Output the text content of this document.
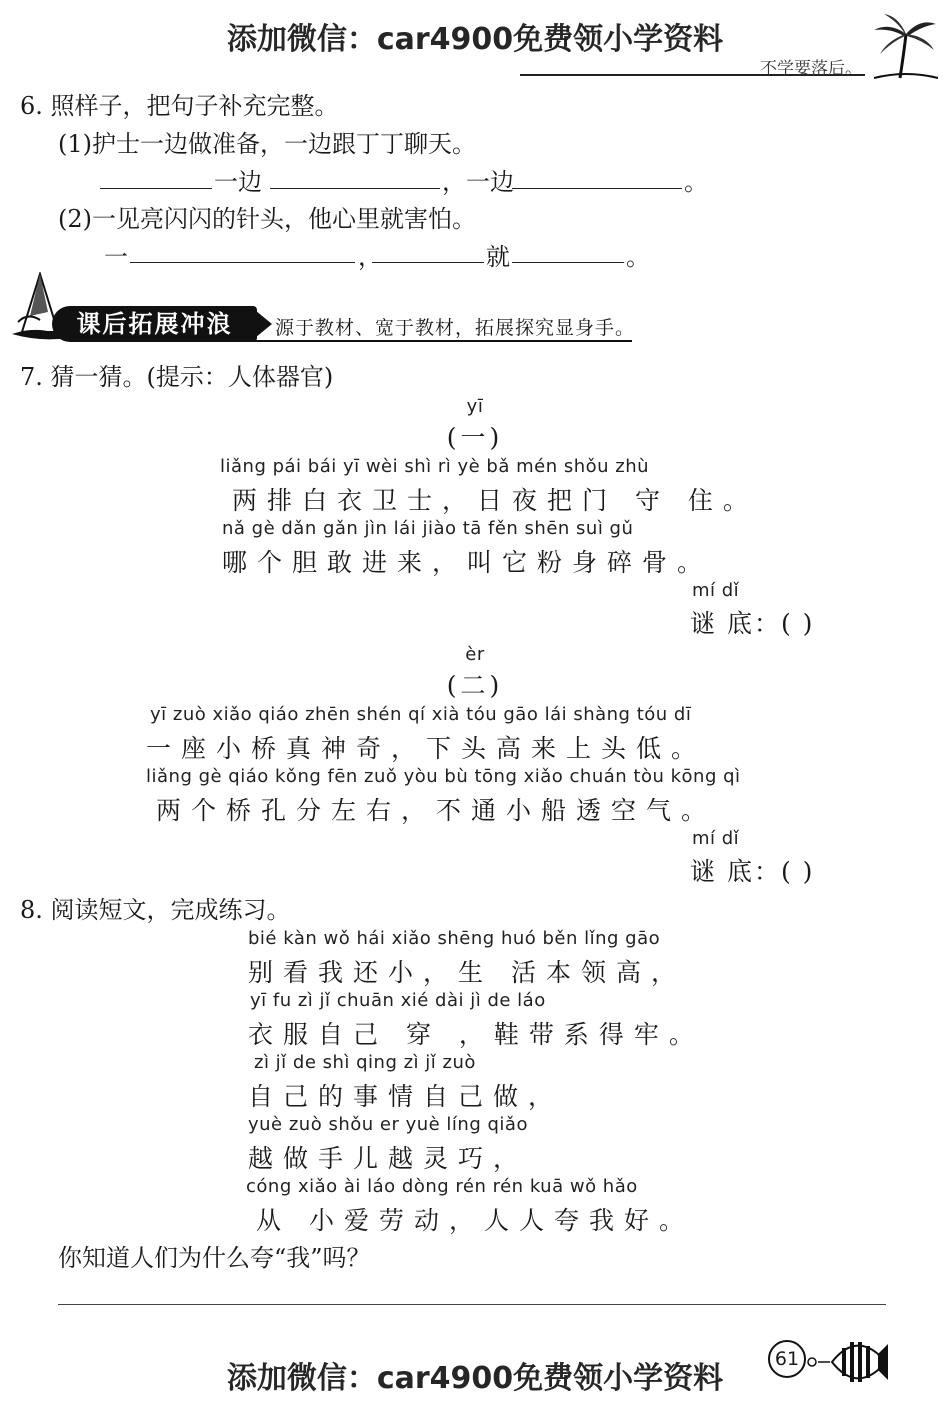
添加微信：car4900免费领小学资料
不学要落后。
6. 照样子，把句子补充完整。
(1)护士一边做准备，一边跟丁丁聊天。
一边	，一边	。
(2)一见亮闪闪的针头，他心里就害怕。
一	，	就	。
课后拓展冲浪	源于教材、宽于教材，拓展探究显身手。
7. 猜一猜。(提示：人体器官)
yī
(一)
liǎng pái bái yī wèi shì rì yè bǎ mén shǒu zhù
两排白衣卫士，日夜把门 守 住。
nǎ gè dǎn gǎn jìn lái jiào tā fěn shēn suì gǔ
哪个胆敢进来，叫它粉身碎骨。
mí dǐ
谜 底：( )
èr
(二)
yī zuò xiǎo qiáo zhēn shén qí xià tóu gāo lái shàng tóu dī
一座小桥真神奇，下头高来上头低。
liǎng gè qiáo kǒng fēn zuǒ yòu bù tōng xiǎo chuán tòu kōng qì
两个桥孔分左右，不通小船透空气。
mí dǐ
谜 底：( )
8. 阅读短文，完成练习。
bié kàn wǒ hái xiǎo shēng huó běn lǐng gāo
别看我还小，生 活本领高，
yī fu zì jǐ chuān xié dài jì de láo
衣服自己 穿 ，鞋带系得牢。
zì jǐ de shì qing zì jǐ zuò
自己的事情自己做，
yuè zuò shǒu er yuè líng qiǎo
越做手儿越灵巧，
cóng xiǎo ài láo dòng rén rén kuā wǒ hǎo
从 小爱劳动，人人夸我好。
你知道人们为什么夸“我”吗？
添加微信：car4900免费领小学资料
61
